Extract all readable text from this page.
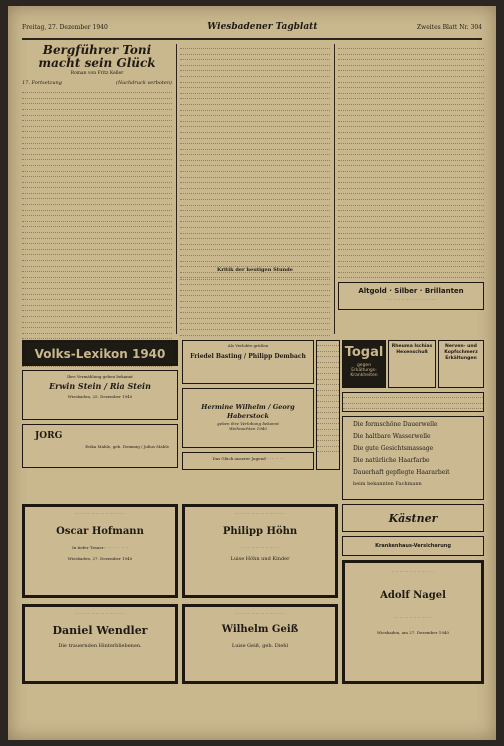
Freitag, 27. Dezember 1940	Wiesbadener Tagblatt	Zweites Blatt Nr. 304
Bergführer Toni
macht sein Glück
Roman von Fritz Keller
17. Fortsetzung	(Nachdruck verboten)
Kritik der heutigen Stunde
Altgold · Silber · Brillanten
· · · · · · · · · · · · · · · · · · · ·
Volks-Lexikon 1940
Ihre Vermählung geben bekannt
Erwin Stein / Ria Stein
Wiesbaden, 25. Dezember 1940
JORG
Erika Mahle, geb. Demmig / Julius Mahle
Als Verlobte grüßen
Friedel Basting / Philipp Dembach
Hermine Wilhelm / Georg Haberstock
geben ihre Verlobung bekannt
Weihnachten 1940
Das Glück unserer Jugend · · · · · · ·
Togal
gegen Erkältungs-Krankheiten
Rheuma Ischias Hexenschuß
Nerven- und Kopfschmerz Erkältungen
Die formschöne Dauerwelle
Die haltbare Wasserwelle
Die gute Gesichtsmassage
Die natürliche Haarfarbe
Dauerhaft gepflegte Haararbeit
beim bekannten Fachmann
Kästner
Krankenhaus-Versicherung
· · · · · · · · · · · · · · · · · · · ·
Oscar Hofmann
In tiefer Trauer: · · · · · · · · ·
Wiesbaden, 27. Dezember 1940
· · · · · · · · · · · · · · · · · · · ·
Philipp Höhn
· · · · · · · · · · · · · · · ·
Luise Höhn und Kinder
· · · · · · · · · · · · · · · · · · · ·
Daniel Wendler
Die trauernden Hinterbliebenen.
· · · · · · · · · · · · · · · · · · · ·
Wilhelm Geiß
Luise Geiß, geb. Diehl
· · · · · · · · · · · · · · · · ·
Adolf Nagel
· · · · · · · · · · · · · · ·
Wiesbaden, am 27. Dezember 1940
